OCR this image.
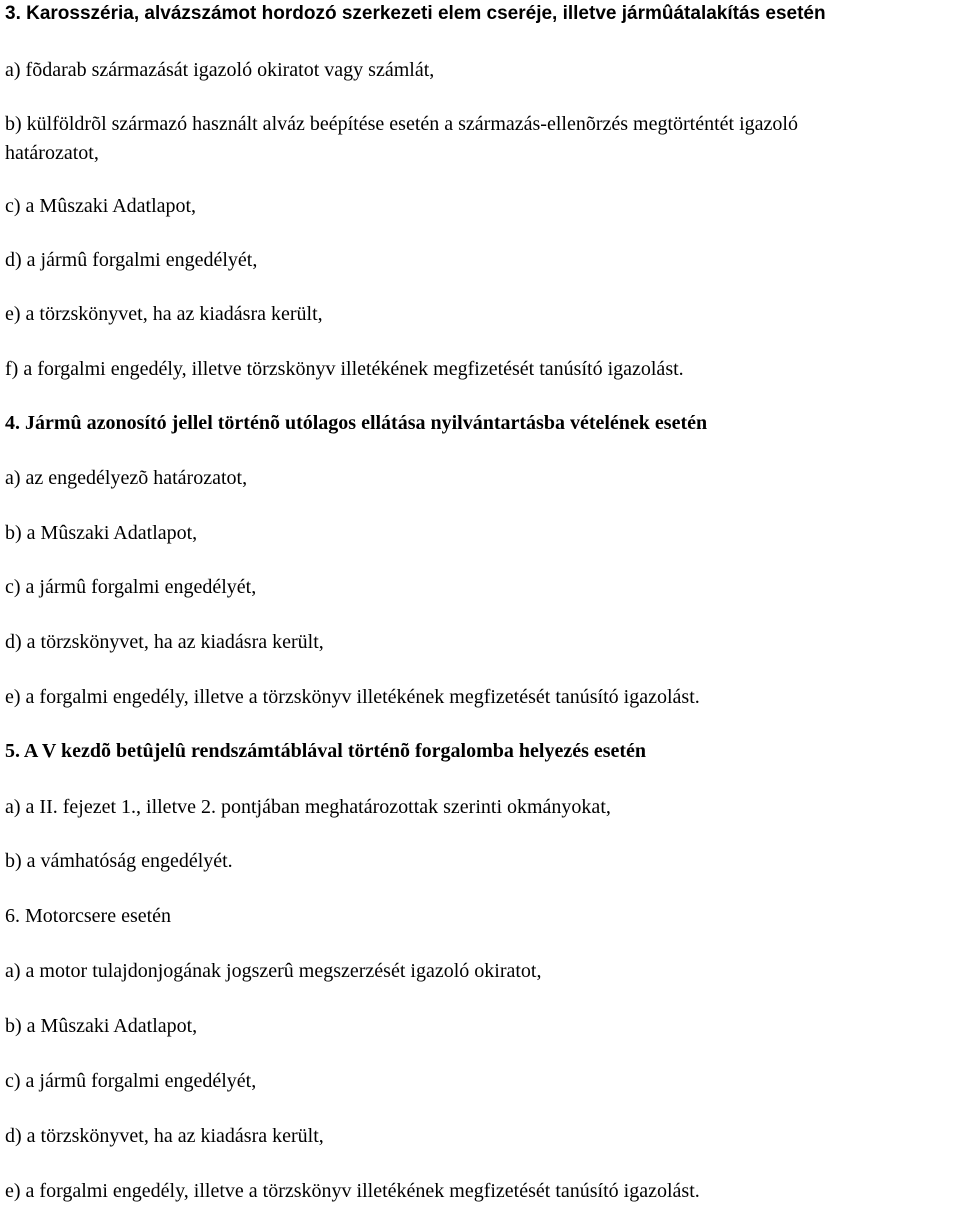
3. Karosszéria, alvázszámot hordozó szerkezeti elem cseréje, illetve jármûátalakítás esetén
a) fõdarab származását igazoló okiratot vagy számlát,
b) külföldrõl származó használt alváz beépítése esetén a származás-ellenõrzés megtörténtét igazoló
határozatot,
c) a Mûszaki Adatlapot,
d) a jármû forgalmi engedélyét,
e) a törzskönyvet, ha az kiadásra került,
f) a forgalmi engedély, illetve törzskönyv illetékének megfizetését tanúsító igazolást.
4. Jármû azonosító jellel történõ utólagos ellátása nyilvántartásba vételének esetén
a) az engedélyezõ határozatot,
b) a Mûszaki Adatlapot,
c) a jármû forgalmi engedélyét,
d) a törzskönyvet, ha az kiadásra került,
e) a forgalmi engedély, illetve a törzskönyv illetékének megfizetését tanúsító igazolást.
5. A V kezdõ betûjelû rendszámtáblával történõ forgalomba helyezés esetén
a) a II. fejezet 1., illetve 2. pontjában meghatározottak szerinti okmányokat,
b) a vámhatóság engedélyét.
6. Motorcsere esetén
a) a motor tulajdonjogának jogszerû megszerzését igazoló okiratot,
b) a Mûszaki Adatlapot,
c) a jármû forgalmi engedélyét,
d) a törzskönyvet, ha az kiadásra került,
e) a forgalmi engedély, illetve a törzskönyv illetékének megfizetését tanúsító igazolást.
